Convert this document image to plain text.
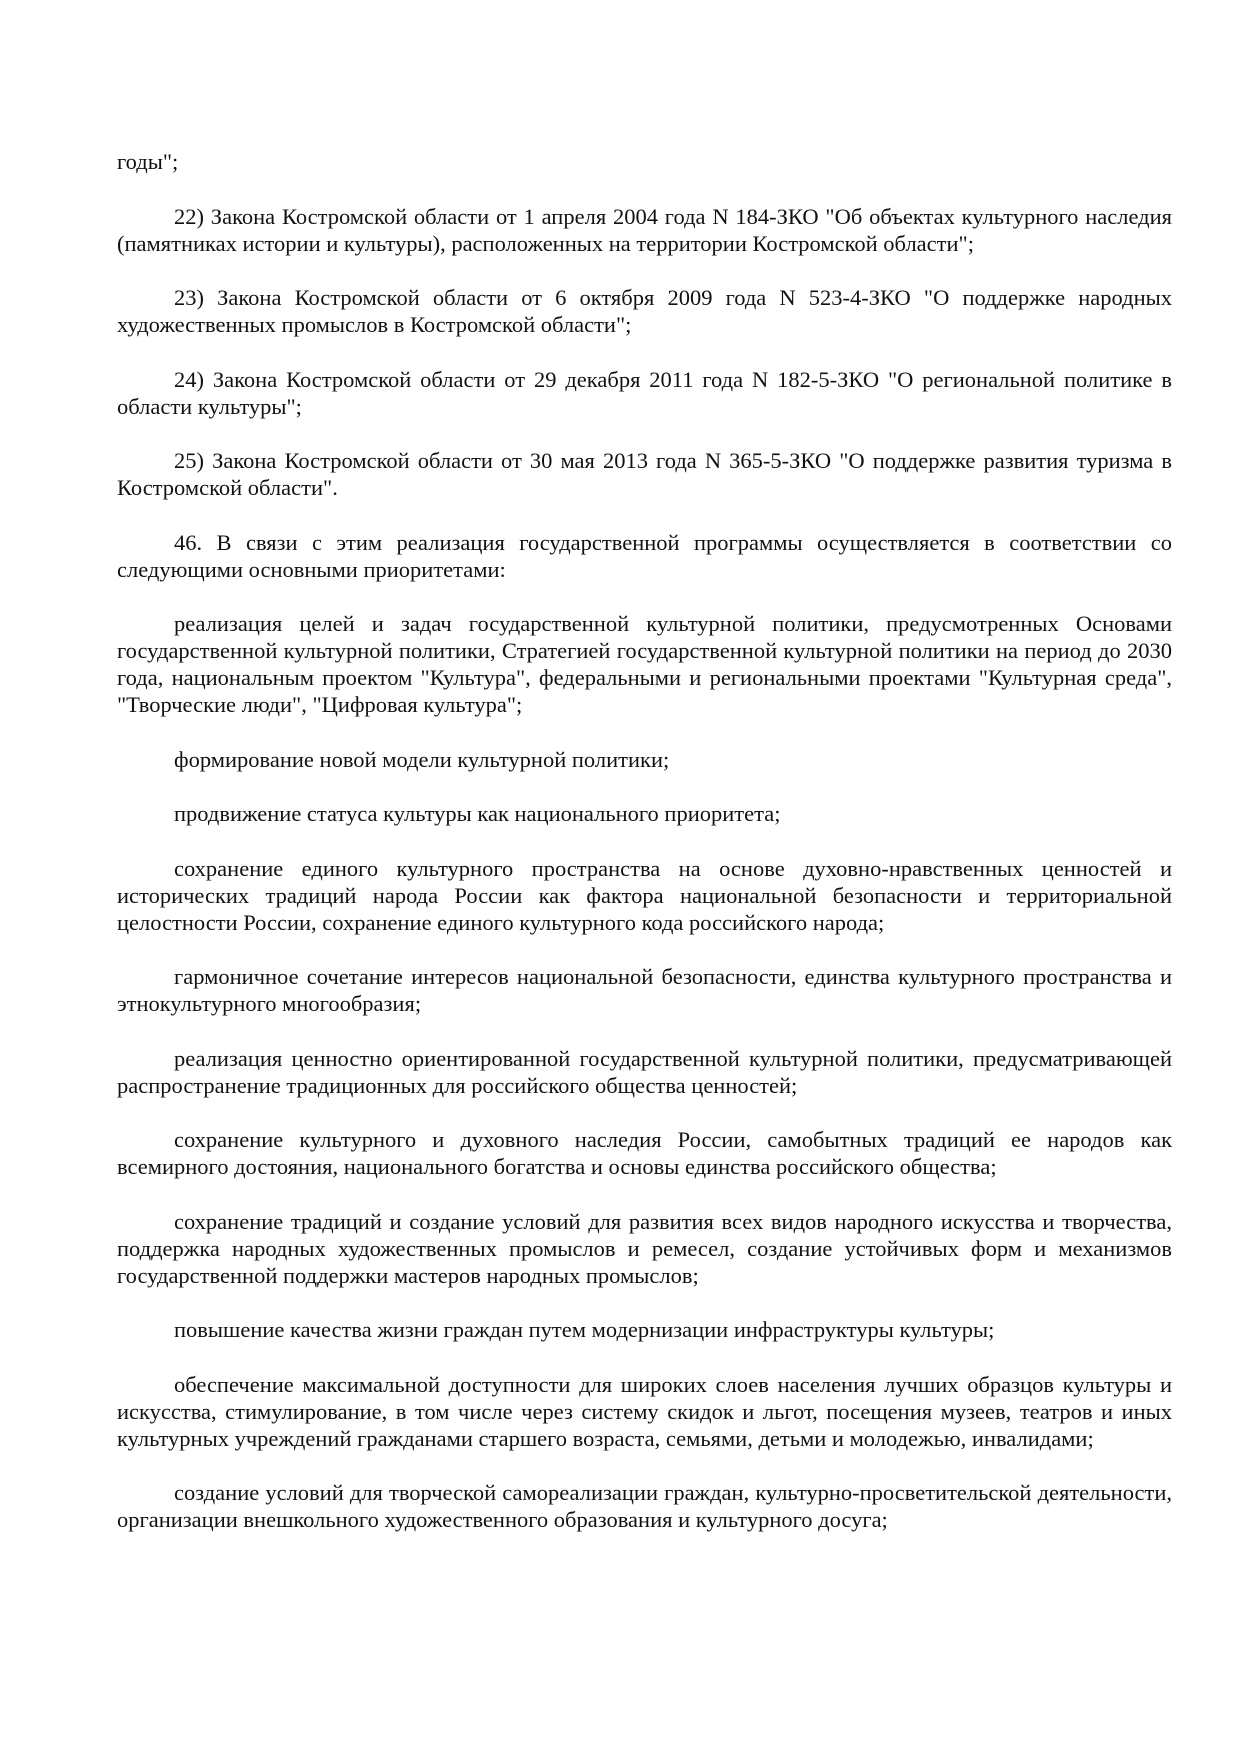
годы";

22) Закона Костромской области от 1 апреля 2004 года N 184-ЗКО "Об объектах культурного наследия (памятниках истории и культуры), расположенных на территории Костромской области";

23) Закона Костромской области от 6 октября 2009 года N 523-4-ЗКО "О поддержке народных художественных промыслов в Костромской области";

24) Закона Костромской области от 29 декабря 2011 года N 182-5-ЗКО "О региональной политике в области культуры";

25) Закона Костромской области от 30 мая 2013 года N 365-5-ЗКО "О поддержке развития туризма в Костромской области".

46. В связи с этим реализация государственной программы осуществляется в соответствии со следующими основными приоритетами:

реализация целей и задач государственной культурной политики, предусмотренных Основами государственной культурной политики, Стратегией государственной культурной политики на период до 2030 года, национальным проектом "Культура", федеральными и региональными проектами "Культурная среда", "Творческие люди", "Цифровая культура";

формирование новой модели культурной политики;

продвижение статуса культуры как национального приоритета;

сохранение единого культурного пространства на основе духовно-нравственных ценностей и исторических традиций народа России как фактора национальной безопасности и территориальной целостности России, сохранение единого культурного кода российского народа;

гармоничное сочетание интересов национальной безопасности, единства культурного пространства и этнокультурного многообразия;

реализация ценностно ориентированной государственной культурной политики, предусматривающей распространение традиционных для российского общества ценностей;

сохранение культурного и духовного наследия России, самобытных традиций ее народов как всемирного достояния, национального богатства и основы единства российского общества;

сохранение традиций и создание условий для развития всех видов народного искусства и творчества, поддержка народных художественных промыслов и ремесел, создание устойчивых форм и механизмов государственной поддержки мастеров народных промыслов;

повышение качества жизни граждан путем модернизации инфраструктуры культуры;

обеспечение максимальной доступности для широких слоев населения лучших образцов культуры и искусства, стимулирование, в том числе через систему скидок и льгот, посещения музеев, театров и иных культурных учреждений гражданами старшего возраста, семьями, детьми и молодежью, инвалидами;

создание условий для творческой самореализации граждан, культурно-просветительской деятельности, организации внешкольного художественного образования и культурного досуга;
